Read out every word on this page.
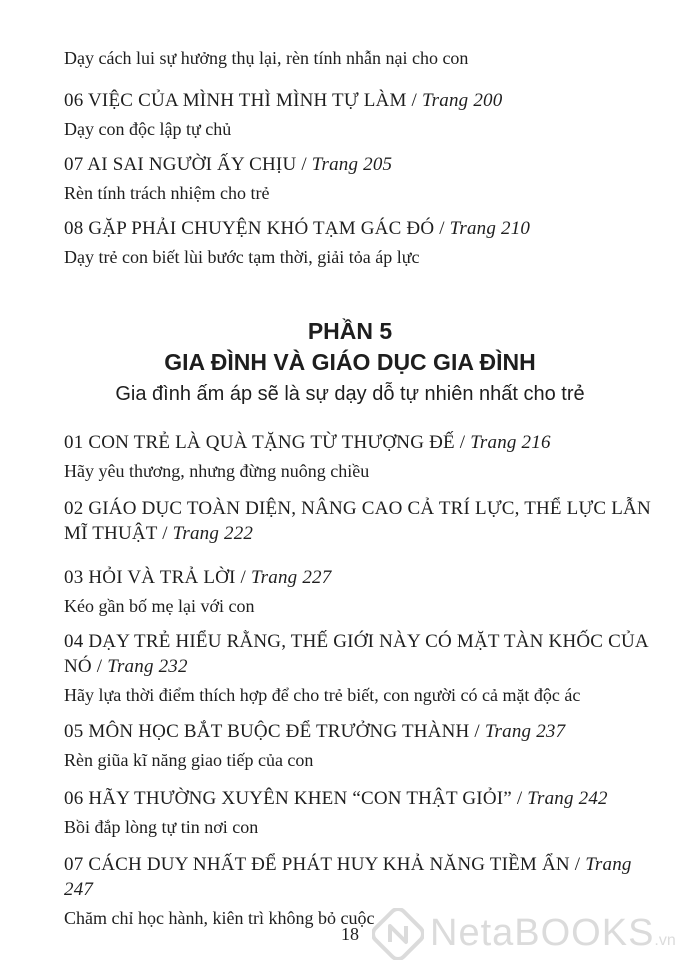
Dạy cách lui sự hưởng thụ lại, rèn tính nhẫn nại cho con
06 VIỆC CỦA MÌNH THÌ MÌNH TỰ LÀM / Trang 200
Dạy con độc lập tự chủ
07 AI SAI NGƯỜI ẤY CHỊU / Trang 205
Rèn tính trách nhiệm cho trẻ
08 GẶP PHẢI CHUYỆN KHÓ TẠM GÁC ĐÓ / Trang 210
Dạy trẻ con biết lùi bước tạm thời, giải tỏa áp lực
PHẦN 5
GIA ĐÌNH VÀ GIÁO DỤC GIA ĐÌNH
Gia đình ấm áp sẽ là sự dạy dỗ tự nhiên nhất cho trẻ
01 CON TRẺ LÀ QUÀ TẶNG TỪ THƯỢNG ĐẾ / Trang 216
Hãy yêu thương, nhưng đừng nuông chiều
02 GIÁO DỤC TOÀN DIỆN, NÂNG CAO CẢ TRÍ LỰC, THỂ LỰC LẪN MĨ THUẬT / Trang 222
03 HỎI VÀ TRẢ LỜI / Trang 227
Kéo gần bố mẹ lại với con
04 DẠY TRẺ HIỂU RẰNG, THẾ GIỚI NÀY CÓ MẶT TÀN KHỐC CỦA NÓ / Trang 232
Hãy lựa thời điểm thích hợp để cho trẻ biết, con người có cả mặt độc ác
05 MÔN HỌC BẮT BUỘC ĐỂ TRƯỞNG THÀNH / Trang 237
Rèn giũa kĩ năng giao tiếp của con
06 HÃY THƯỜNG XUYÊN KHEN “CON THẬT GIỎI” / Trang 242
Bồi đắp lòng tự tin nơi con
07 CÁCH DUY NHẤT ĐỂ PHÁT HUY KHẢ NĂNG TIỀM ẨN / Trang 247
Chăm chỉ học hành, kiên trì không bỏ cuộc
18	NetaBOOKS.vn
